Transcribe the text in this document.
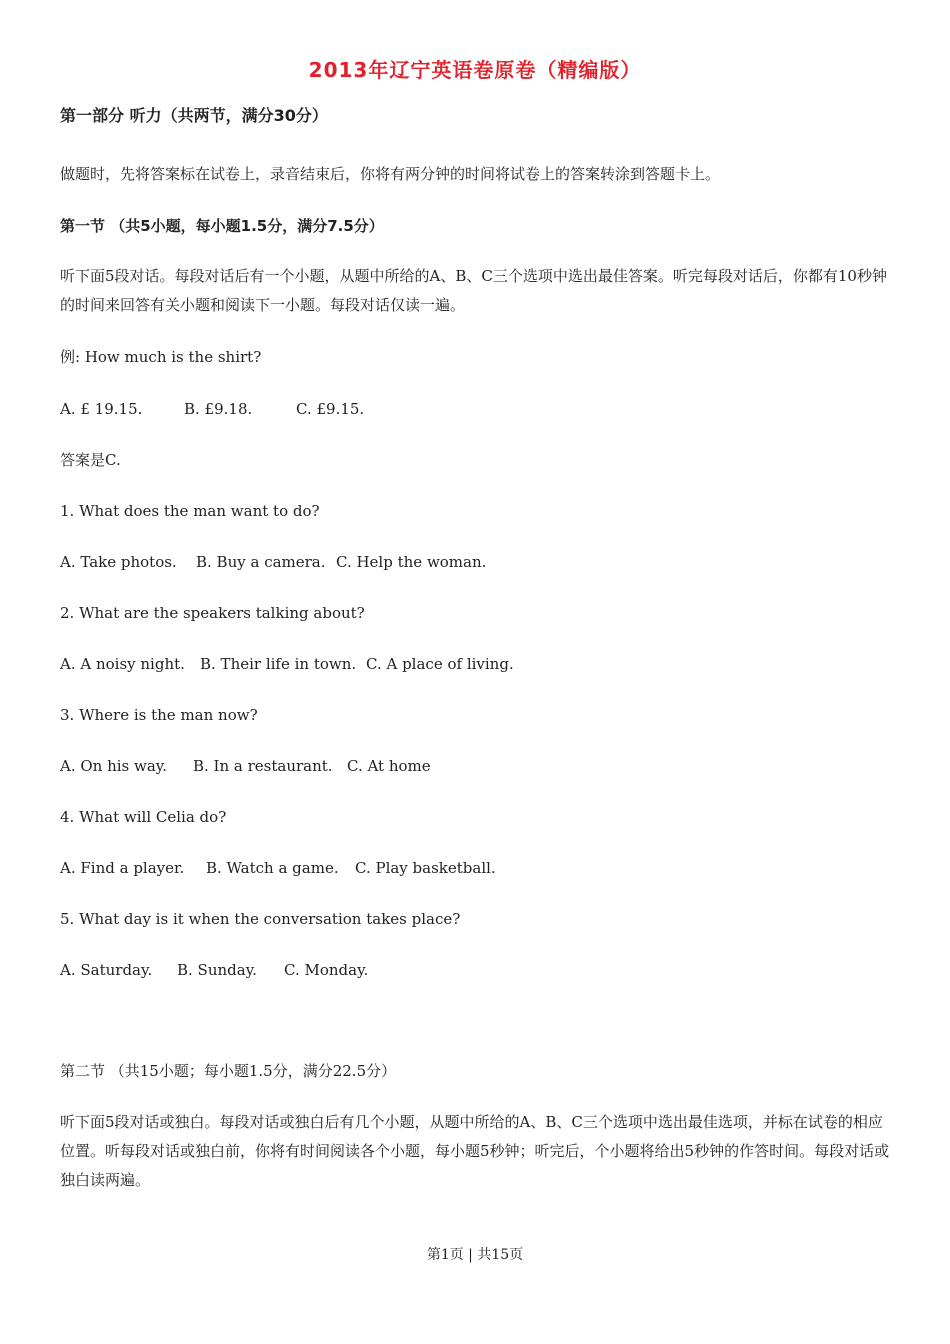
2013年辽宁英语卷原卷（精编版）
第一部分 听力（共两节，满分30分）
做题时，先将答案标在试卷上，录音结束后，你将有两分钟的时间将试卷上的答案转涂到答题卡上。
第一节 （共5小题，每小题1.5分，满分7.5分）
听下面5段对话。每段对话后有一个小题，从题中所给的A、B、C三个选项中选出最佳答案。听完每段对话后，你都有10秒钟的时间来回答有关小题和阅读下一小题。每段对话仅读一遍。
例: How much is the shirt?
A. £ 19.15.	B. £9.18.	C. £9.15.
答案是C.
1. What does the man want to do?
A. Take photos. B. Buy a camera. C. Help the woman.
2. What are the speakers talking about?
A. A noisy night. B. Their life in town. C. A place of living.
3. Where is the man now?
A. On his way. B. In a restaurant. C. At home
4. What will Celia do?
A. Find a player. B. Watch a game. C. Play basketball.
5. What day is it when the conversation takes place?
A. Saturday. B. Sunday. C. Monday.
第二节 （共15小题；每小题1.5分，满分22.5分）
听下面5段对话或独白。每段对话或独白后有几个小题，从题中所给的A、B、C三个选项中选出最佳选项，并标在试卷的相应位置。听每段对话或独白前，你将有时间阅读各个小题，每小题5秒钟；听完后，个小题将给出5秒钟的作答时间。每段对话或独白读两遍。
第1页 | 共15页
